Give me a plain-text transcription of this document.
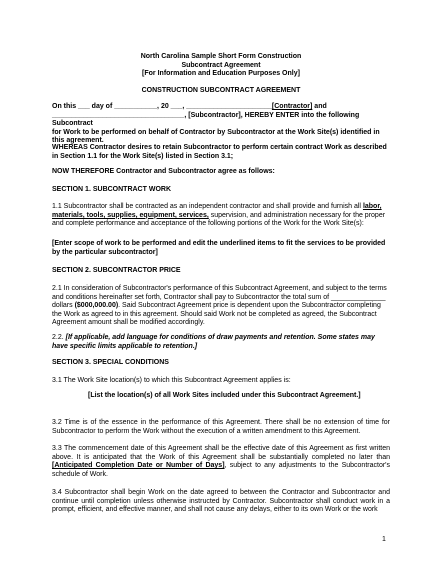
North Carolina Sample Short Form Construction
Subcontract Agreement
[For Information and Education Purposes Only]
CONSTRUCTION SUBCONTRACT AGREEMENT
On this ___ day of ___________, 20 ___, ______________________[Contractor] and
__________________________________, [Subcontractor], HEREBY ENTER into the following Subcontract
for Work to be performed on behalf of Contractor by Subcontractor at the Work Site(s) identified in
this agreement.
WHEREAS Contractor desires to retain Subcontractor to perform certain contract Work as described in Section 1.1 for the Work Site(s) listed in Section 3.1;
NOW THEREFORE Contractor and Subcontractor agree as follows:
SECTION 1. SUBCONTRACT WORK
1.1 Subcontractor shall be contracted as an independent contractor and shall provide and furnish all labor, materials, tools, supplies, equipment, services, supervision, and administration necessary for the proper and complete performance and acceptance of the following portions of the Work for the Work Site(s):
[Enter scope of work to be performed and edit the underlined items to fit the services to be provided by the particular subcontractor]
SECTION 2. SUBCONTRACTOR PRICE
2.1 In consideration of Subcontractor's performance of this Subcontract Agreement, and subject to the terms and conditions hereinafter set forth, Contractor shall pay to Subcontractor the total sum of ______________ dollars ($000,000.00). Said Subcontract Agreement price is dependent upon the Subcontractor completing the Work as agreed to in this agreement. Should said Work not be completed as agreed, the Subcontract Agreement amount shall be modified accordingly.
2.2. [If applicable, add language for conditions of draw payments and retention. Some states may have specific limits applicable to retention.]
SECTION 3. SPECIAL CONDITIONS
3.1 The Work Site location(s) to which this Subcontract Agreement applies is:
[List the location(s) of all Work Sites included under this Subcontract Agreement.]
3.2 Time is of the essence in the performance of this Agreement. There shall be no extension of time for Subcontractor to perform the Work without the execution of a written amendment to this Agreement.
3.3 The commencement date of this Agreement shall be the effective date of this Agreement as first written above. It is anticipated that the Work of this Agreement shall be substantially completed no later than [Anticipated Completion Date or Number of Days], subject to any adjustments to the Subcontractor's schedule of Work.
3.4 Subcontractor shall begin Work on the date agreed to between the Contractor and Subcontractor and continue until completion unless otherwise instructed by Contractor. Subcontractor shall conduct work in a prompt, efficient, and effective manner, and shall not cause any delays, either to its own Work or the work
1
